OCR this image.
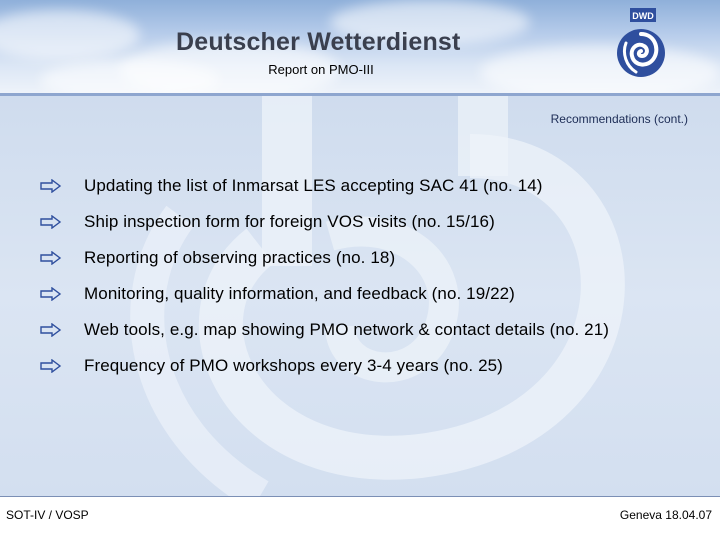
Deutscher Wetterdienst
Report on PMO-III
DWD
Recommendations (cont.)
Updating the list of Inmarsat LES accepting SAC 41 (no. 14)
Ship inspection form for foreign VOS visits (no. 15/16)
Reporting of observing practices (no. 18)
Monitoring, quality information, and feedback (no. 19/22)
Web tools, e.g. map showing PMO network & contact details (no. 21)
Frequency of PMO workshops every 3-4 years (no. 25)
SOT-IV / VOSP	Geneva 18.04.07
